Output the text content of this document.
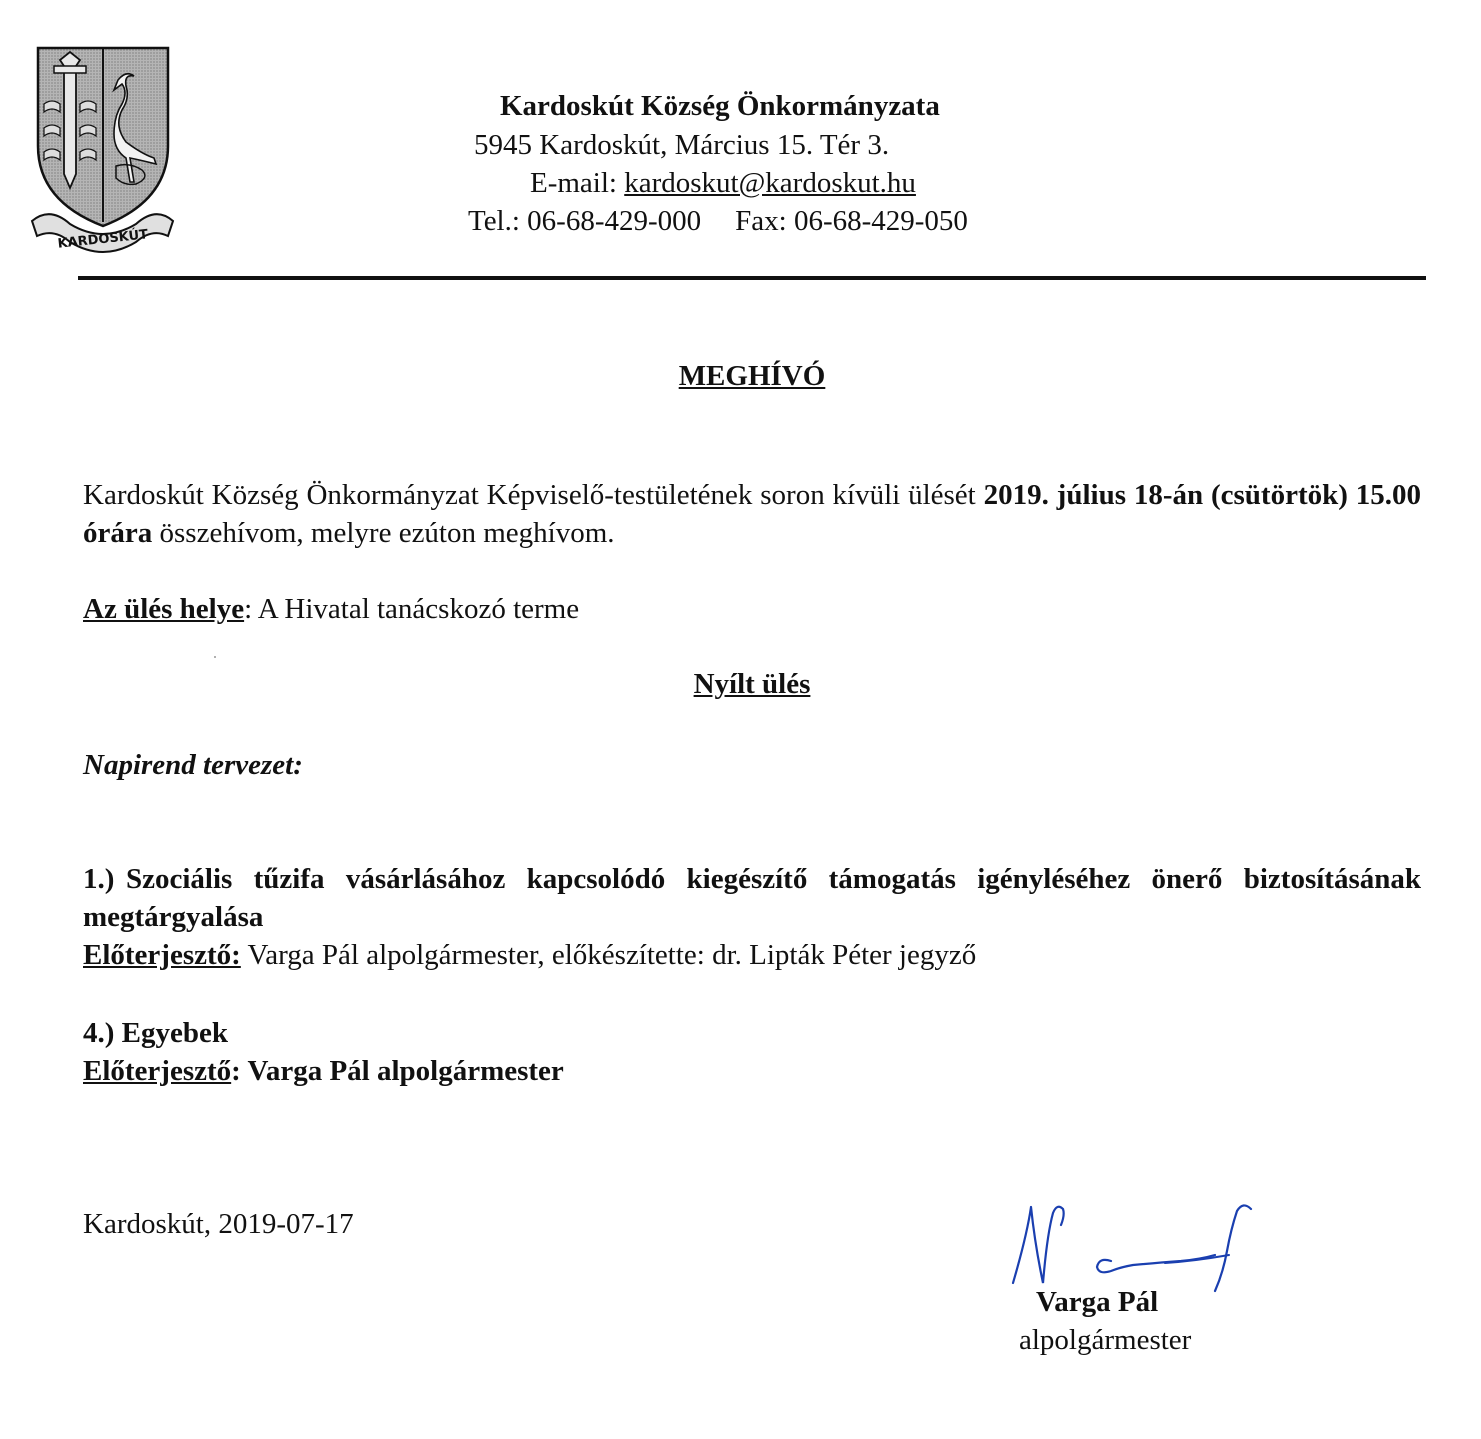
KARDOSKÚT
Kardoskút Község Önkormányzata
5945 Kardoskút, Március 15. Tér 3.
E-mail: kardoskut@kardoskut.hu
Tel.: 06-68-429-000 Fax: 06-68-429-050
MEGHÍVÓ
Kardoskút Község Önkormányzat Képviselő-testületének soron kívüli ülését 2019. július 18-án (csütörtök) 15.00 órára összehívom, melyre ezúton meghívom.
Az ülés helye: A Hivatal tanácskozó terme
Nyílt ülés
Napirend tervezet:
1.) Szociális tűzifa vásárlásához kapcsolódó kiegészítő támogatás igényléséhez önerő biztosításának megtárgyalása
Előterjesztő: Varga Pál alpolgármester, előkészítette: dr. Lipták Péter jegyző
4.) Egyebek
Előterjesztő: Varga Pál alpolgármester
Kardoskút, 2019-07-17
Varga Pál
alpolgármester
